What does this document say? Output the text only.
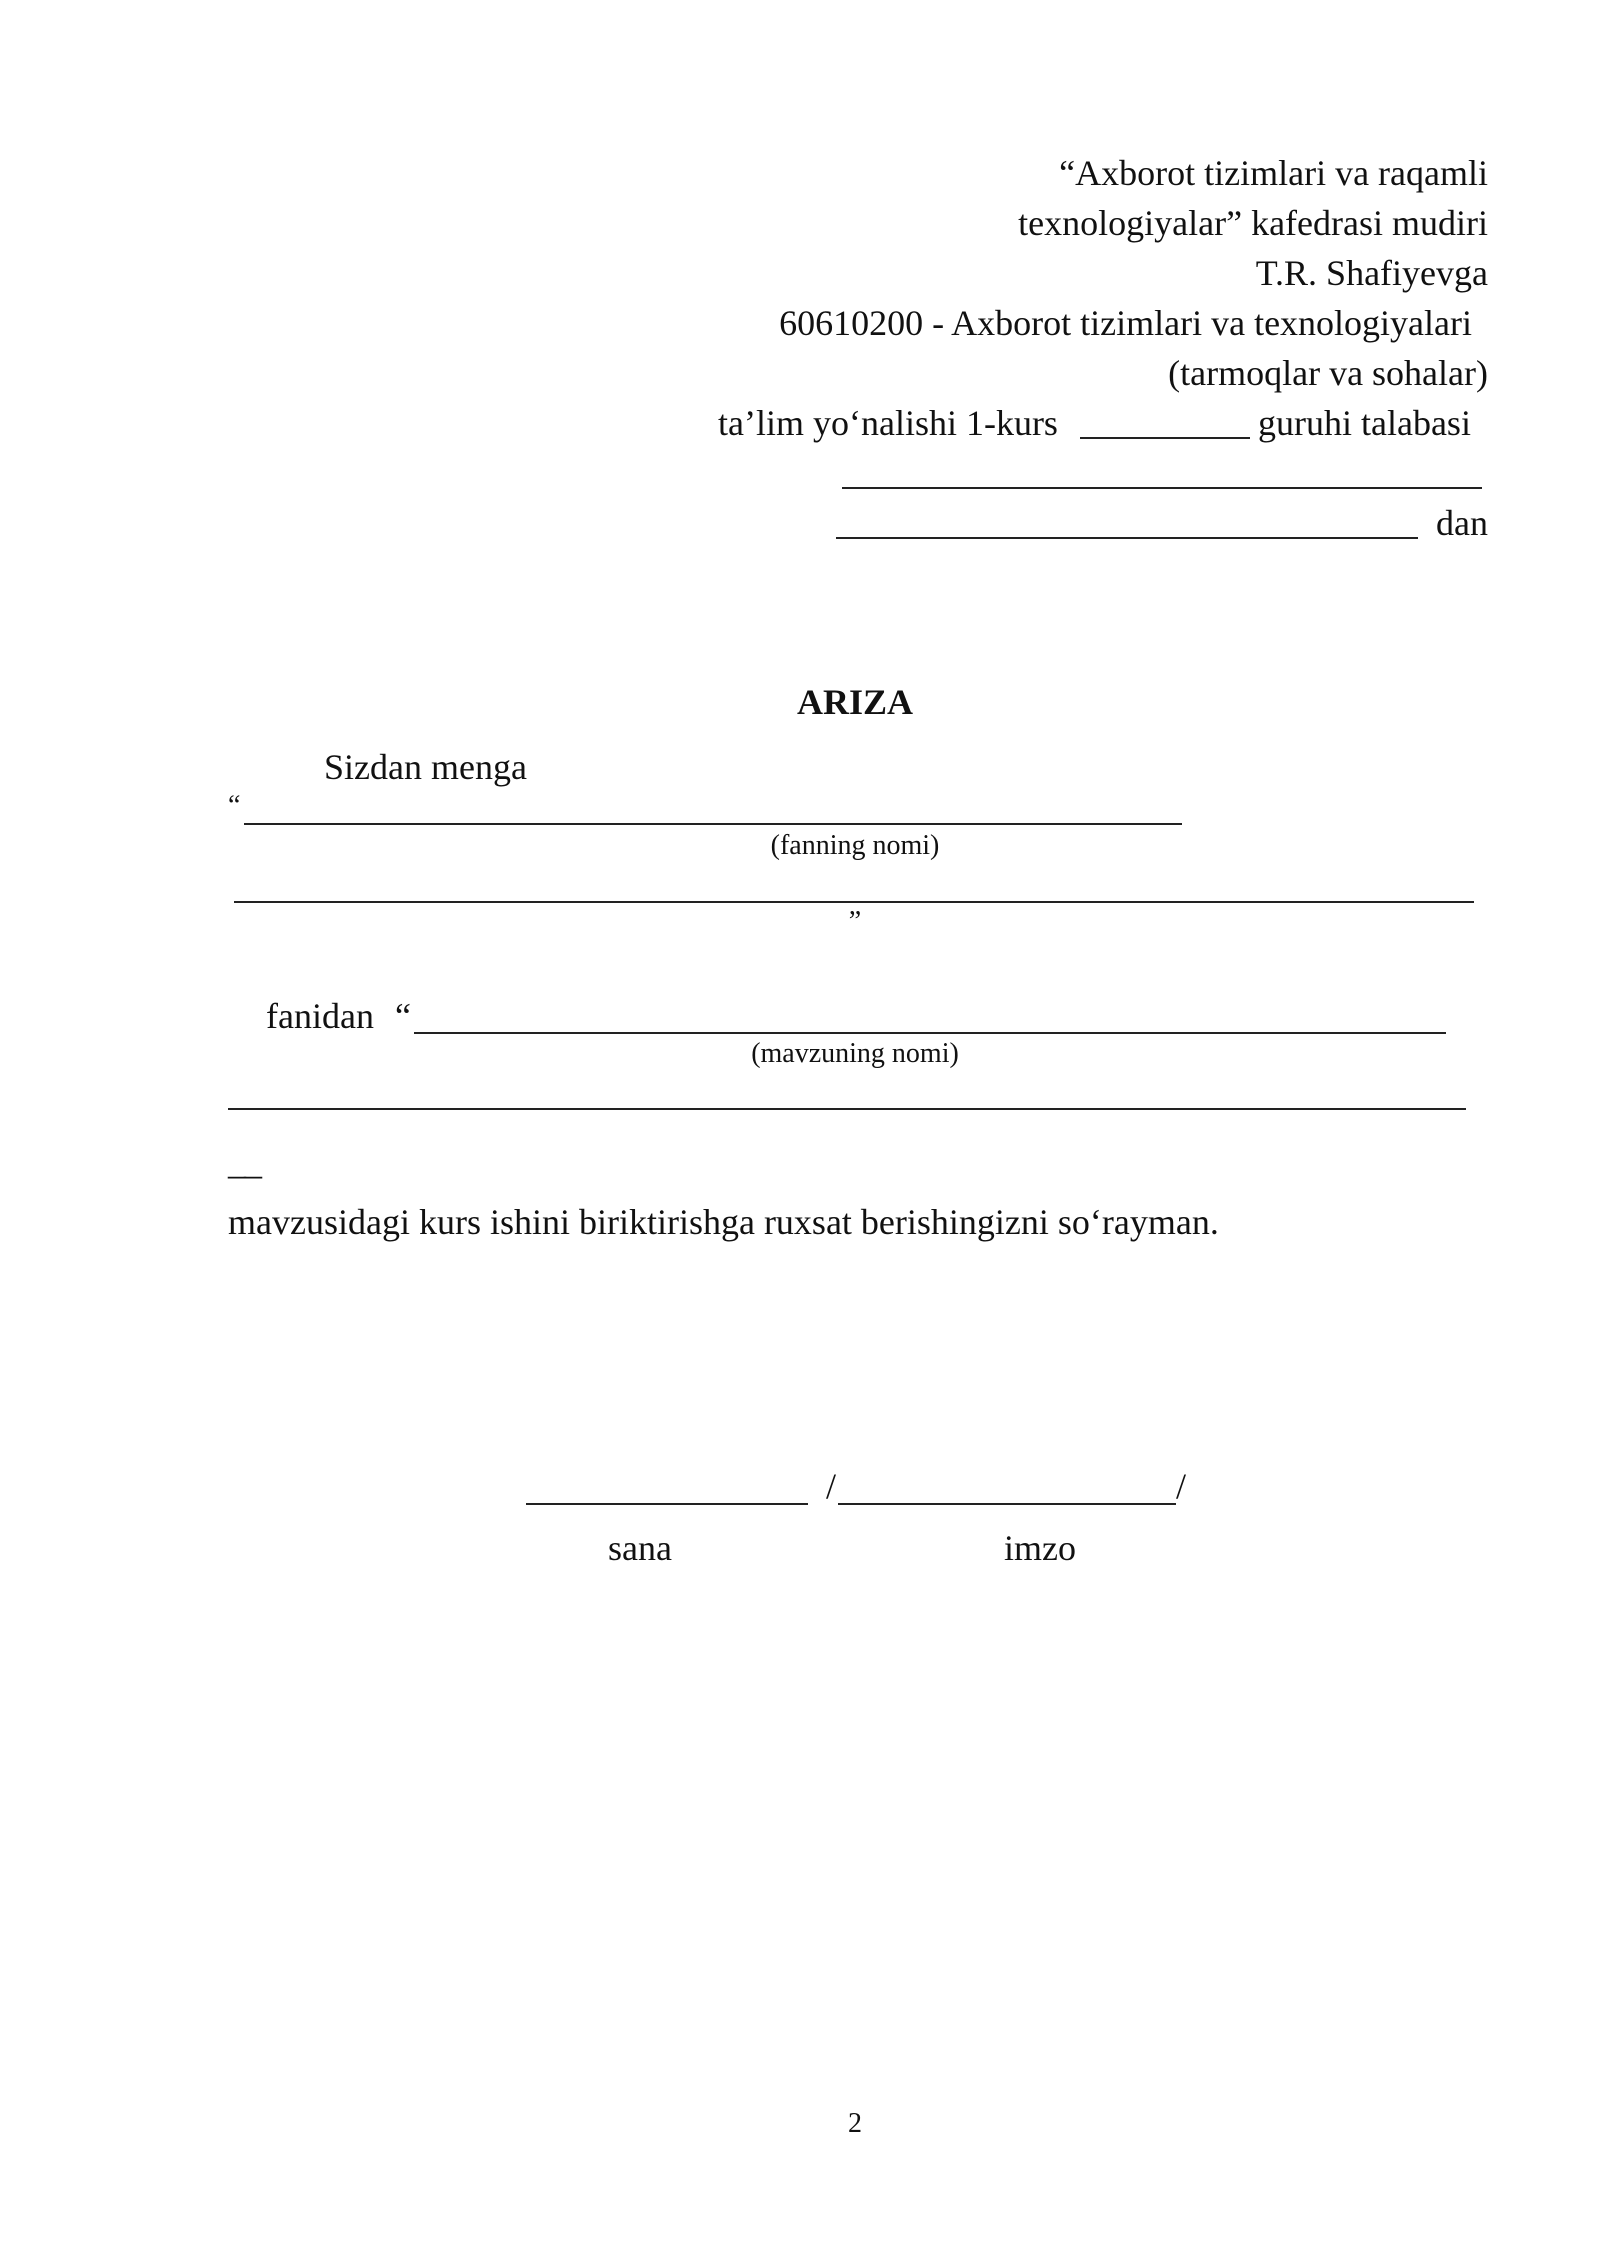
“Axborot tizimlari va raqamli
texnologiyalar” kafedrasi mudiri
T.R. Shafiyevga
60610200 - Axborot tizimlari va texnologiyalari
(tarmoqlar va sohalar)
ta’lim yo‘nalishi 1-kurs	guruhi talabasi
dan
ARIZA
Sizdan menga
“
(fanning nomi)
”
fanidan “
(mavzuning nomi)
__
mavzusidagi kurs ishini biriktirishga ruxsat berishingizni so‘rayman.
/	/
sana	imzo
2
